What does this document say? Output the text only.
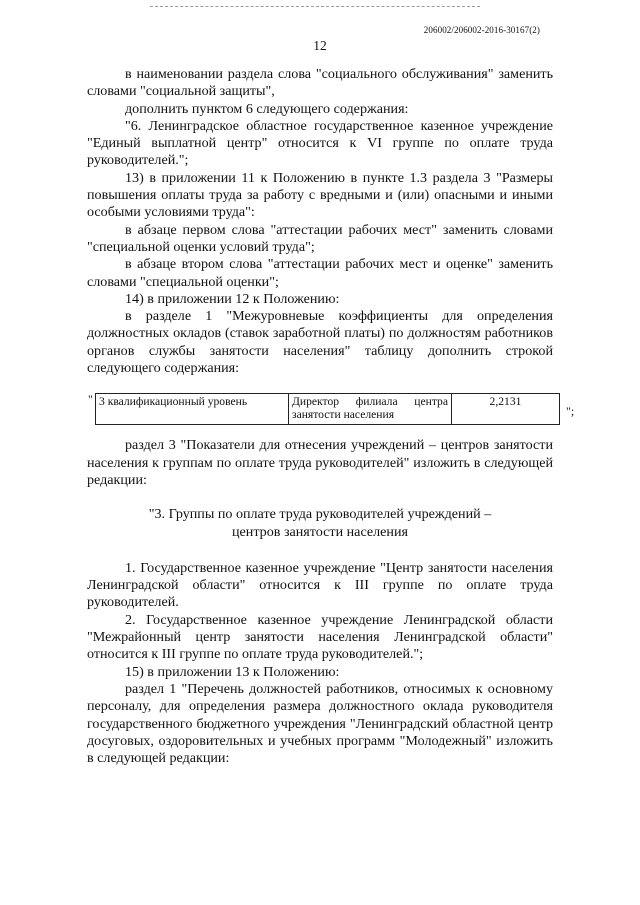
206002/206002-2016-30167(2)
12

в наименовании раздела слова "социального обслуживания" заменить словами "социальной защиты",

дополнить пунктом 6 следующего содержания:

"6. Ленинградское областное государственное казенное учреждение "Единый выплатной центр" относится к VI группе по оплате труда руководителей.";

13) в приложении 11 к Положению в пункте 1.3 раздела 3 "Размеры повышения оплаты труда за работу с вредными и (или) опасными и иными особыми условиями труда":

в абзаце первом слова "аттестации рабочих мест" заменить словами "специальной оценки условий труда";

в абзаце втором слова "аттестации рабочих мест и оценке" заменить словами "специальной оценки";

14) в приложении 12 к Положению:

в разделе 1 "Межуровневые коэффициенты для определения должностных окладов (ставок заработной платы) по должностям работников органов службы занятости населения" таблицу дополнить строкой следующего содержания:

" 3 квалификационный уровень	Директор филиала центра занятости населения	2,2131
";

раздел 3 "Показатели для отнесения учреждений – центров занятости населения к группам по оплате труда руководителей" изложить в следующей редакции:

"3. Группы по оплате труда руководителей учреждений –

центров занятости населения

1. Государственное казенное учреждение "Центр занятости населения Ленинградской области" относится к III группе по оплате труда руководителей.

2. Государственное казенное учреждение Ленинградской области "Межрайонный центр занятости населения Ленинградской области" относится к III группе по оплате труда руководителей.";

15) в приложении 13 к Положению:

раздел 1 "Перечень должностей работников, относимых к основному персоналу, для определения размера должностного оклада руководителя государственного бюджетного учреждения "Ленинградский областной центр досуговых, оздоровительных и учебных программ "Молодежный" изложить в следующей редакции:
